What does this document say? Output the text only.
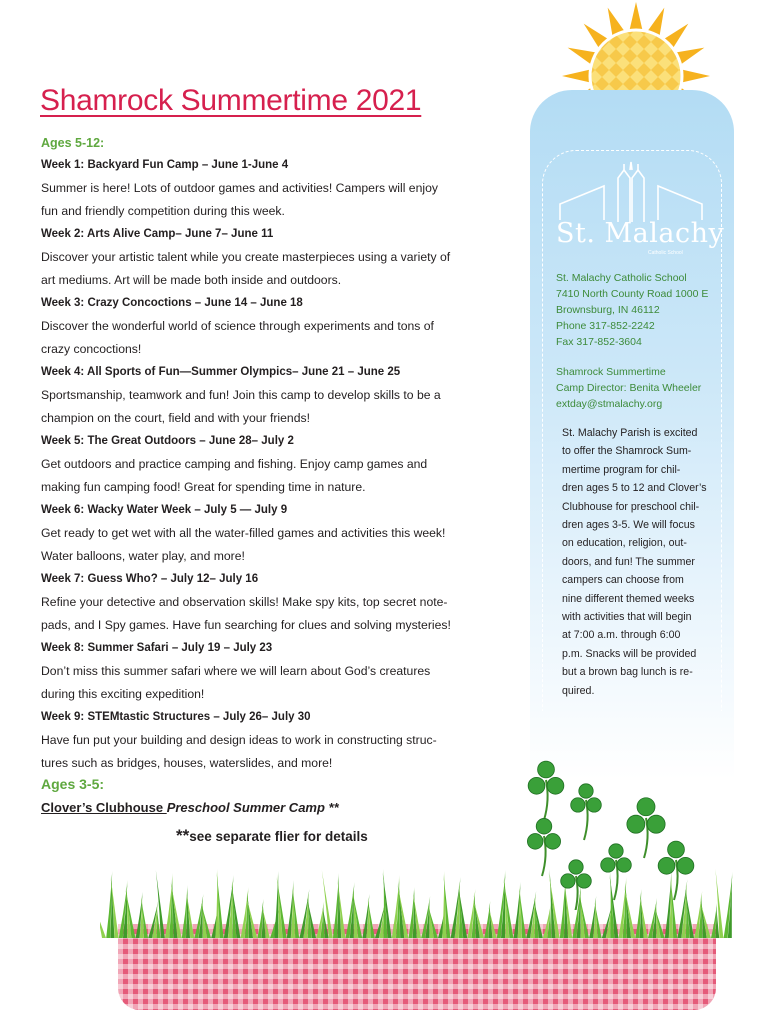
Shamrock Summertime 2021
Ages 5-12:
Week 1: Backyard Fun Camp – June 1-June 4
Summer is here! Lots of outdoor games and activities! Campers will enjoy
fun and friendly competition during this week.
Week 2: Arts Alive Camp– June 7– June 11
Discover your artistic talent while you create masterpieces using a variety of
art mediums. Art will be made both inside and outdoors.
Week 3: Crazy Concoctions – June 14 – June 18
Discover the wonderful world of science through experiments and tons of
crazy concoctions!
Week 4: All Sports of Fun—Summer Olympics– June 21 – June 25
Sportsmanship, teamwork and fun! Join this camp to develop skills to be a
champion on the court, field and with your friends!
Week 5: The Great Outdoors – June 28– July 2
Get outdoors and practice camping and fishing. Enjoy camp games and
making fun camping food! Great for spending time in nature.
Week 6: Wacky Water Week – July 5 — July 9
Get ready to get wet with all the water-filled games and activities this week!
Water balloons, water play, and more!
Week 7: Guess Who? – July 12– July 16
Refine your detective and observation skills! Make spy kits, top secret note-
pads, and I Spy games. Have fun searching for clues and solving mysteries!
Week 8: Summer Safari – July 19 – July 23
Don’t miss this summer safari where we will learn about God’s creatures
during this exciting expedition!
Week 9: STEMtastic Structures – July 26– July 30
Have fun put your building and design ideas to work in constructing struc-
tures such as bridges, houses, waterslides, and more!
Ages 3-5:
Clover’s Clubhouse Preschool Summer Camp **
**see separate flier for details
St. Malachy
Catholic School
St. Malachy Catholic School
7410 North County Road 1000 E
Brownsburg, IN 46112
Phone 317-852-2242
Fax 317-852-3604
Shamrock Summertime
Camp Director: Benita Wheeler
extday@stmalachy.org
St. Malachy Parish is excited
to offer the Shamrock Sum-
mertime program for chil-
dren ages 5 to 12 and Clover’s
Clubhouse for preschool chil-
dren ages 3-5. We will focus
on education, religion, out-
doors, and fun! The summer
campers can choose from
nine different themed weeks
with activities that will begin
at 7:00 a.m. through 6:00
p.m. Snacks will be provided
but a brown bag lunch is re-
quired.
